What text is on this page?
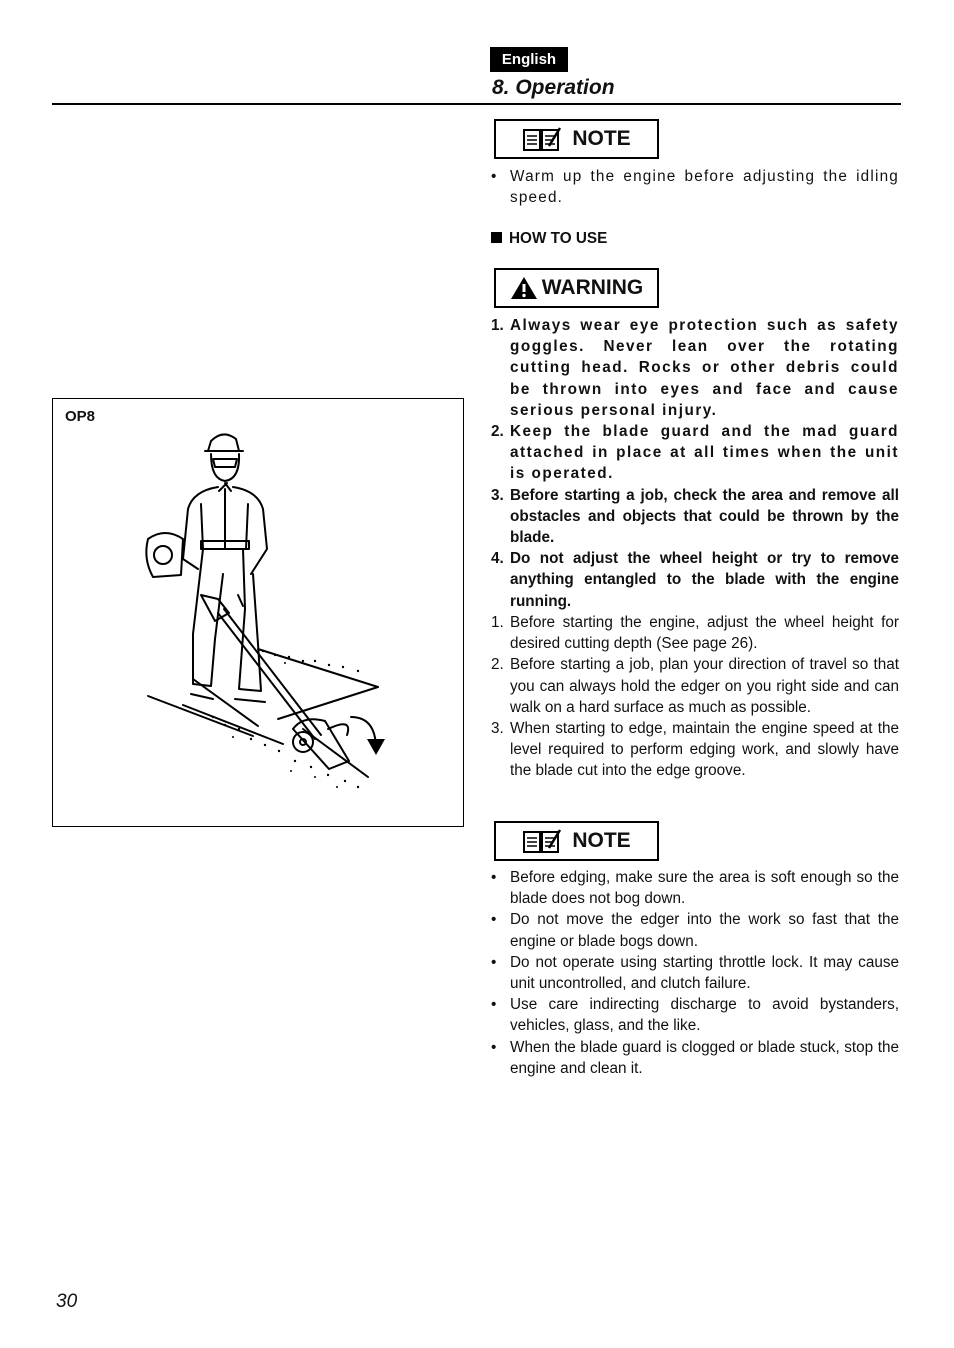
English
8. Operation
OP8
NOTE
• Warm up the engine before adjusting the idling speed.
HOW TO USE
WARNING
1. Always wear eye protection such as safety goggles. Never lean over the rotating cutting head. Rocks or other debris could be thrown into eyes and face and cause serious personal injury.
2. Keep the blade guard and the mad guard attached in place at all times when the unit is operated.
3. Before starting a job, check the area and remove all obstacles and objects that could be thrown by the blade.
4. Do not adjust the wheel height or try to remove anything entangled to the blade with the engine running.
1. Before starting the engine, adjust the wheel height for desired cutting depth (See page 26).
2. Before starting a job, plan your direction of travel so that you can always hold the edger on you right side and can walk on a hard surface as much as possible.
3. When starting to edge, maintain the engine speed at the level required to perform edging work, and slowly have the blade cut into the edge groove.
NOTE
• Before edging, make sure the area is soft enough so the blade does not bog down.
• Do not move the edger into the work so fast that the engine or blade bogs down.
• Do not operate using starting throttle lock. It may cause unit uncontrolled, and clutch failure.
• Use care indirecting discharge to avoid bystanders, vehicles, glass, and the like.
• When the blade guard is clogged or blade stuck, stop the engine and clean it.
30
